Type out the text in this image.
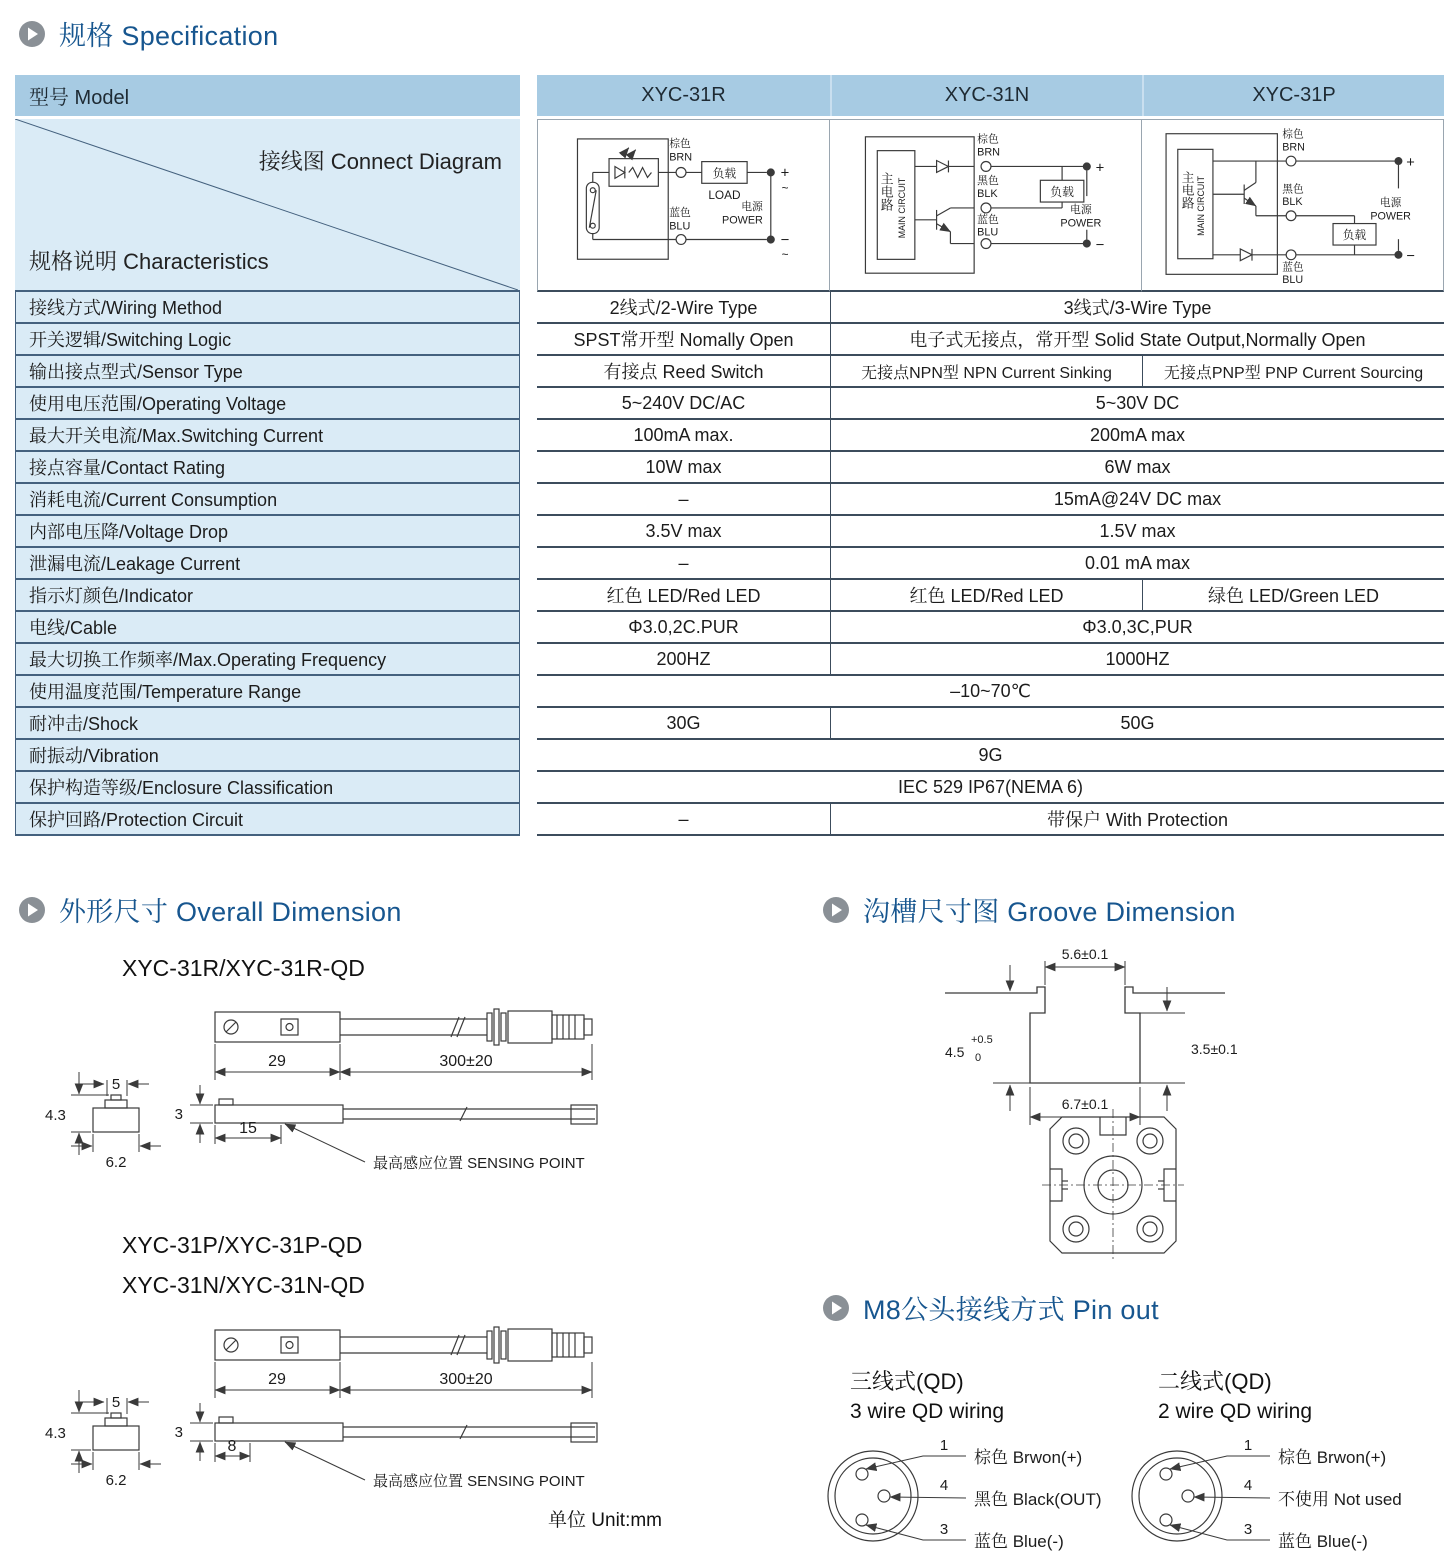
规格 Specification
型号 Model	XYC-31R	XYC-31N	XYC-31P
接线图 Connect Diagram
规格说明 Characteristics
棕色
BRN
蓝色
BLU
负载
LOAD
电源
POWER
+
~
−
~
主电路 MAIN CIRCUIT
棕色
BRN
黑色
BLK
蓝色
BLU
负载
电源
POWER
+
−
主电路 MAIN CIRCUIT
棕色
BRN
黑色
BLK
蓝色
BLU
负载
电源
POWER
+
−
接线方式/Wiring Method	2线式/2-Wire Type	3线式/3-Wire Type
开关逻辑/Switching Logic	SPST常开型 Nomally Open	电子式无接点，常开型 Solid State Output,Normally Open
输出接点型式/Sensor Type	有接点 Reed Switch	无接点NPN型 NPN Current Sinking	无接点PNP型 PNP Current Sourcing
使用电压范围/Operating Voltage	5~240V DC/AC	5~30V DC
最大开关电流/Max.Switching Current	100mA max.	200mA max
接点容量/Contact Rating	10W max	6W max
消耗电流/Current Consumption	–	15mA@24V DC max
内部电压降/Voltage Drop	3.5V max	1.5V max
泄漏电流/Leakage Current	–	0.01 mA max
指示灯颜色/Indicator	红色 LED/Red LED	红色 LED/Red LED	绿色 LED/Green LED
电线/Cable	Φ3.0,2C.PUR	Φ3.0,3C,PUR
最大切换工作频率/Max.Operating Frequency	200HZ	1000HZ
使用温度范围/Temperature Range	–10~70℃
耐冲击/Shock	30G	50G
耐振动/Vibration	9G
保护构造等级/Enclosure Classification	IEC 529 IP67(NEMA 6)
保护回路/Protection Circuit	–	带保户 With Protection
外形尺寸 Overall Dimension
XYC-31R/XYC-31R-QD
5
4.3
6.2
29	300±20
3
15
最高感应位置 SENSING POINT
XYC-31P/XYC-31P-QD
XYC-31N/XYC-31N-QD
5
4.3
6.2
29	300±20
3
8
最高感应位置 SENSING POINT
单位 Unit:mm
沟槽尺寸图 Groove Dimension
5.6±0.1
4.5
+0.5
0
3.5±0.1
6.7±0.1
M8公头接线方式 Pin out
三线式(QD)
3 wire QD wiring
二线式(QD)
2 wire QD wiring
1
棕色 Brwon(+)
4
黑色 Black(OUT)
3
蓝色 Blue(-)
1
棕色 Brwon(+)
4
不使用 Not used
3
蓝色 Blue(-)
